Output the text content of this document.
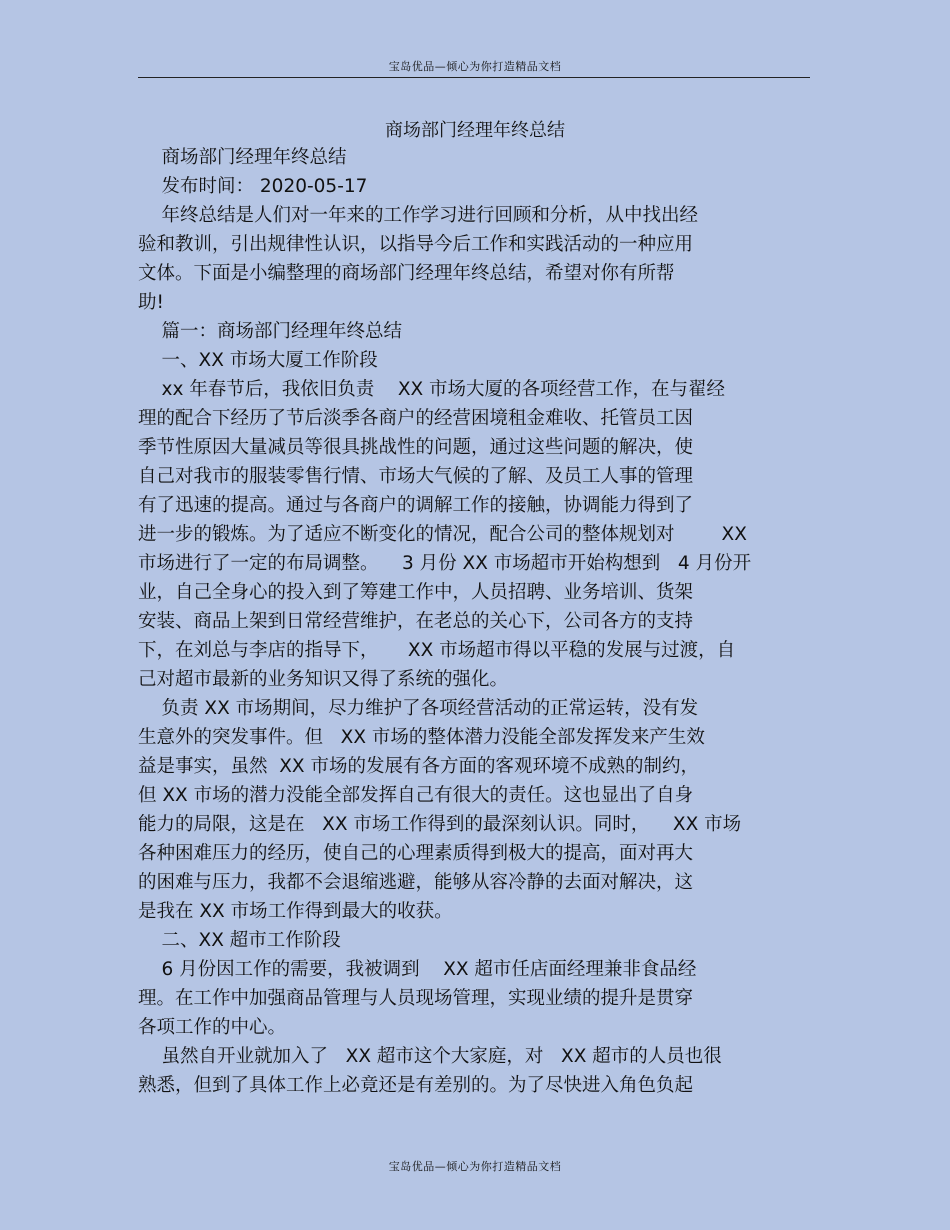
宝岛优品—倾心为你打造精品文档
商场部门经理年终总结
商场部门经理年终总结
发布时间： 2020-05-17
年终总结是人们对一年来的工作学习进行回顾和分析，从中找出经
验和教训，引出规律性认识，以指导今后工作和实践活动的一种应用
文体。下面是小编整理的商场部门经理年终总结，希望对你有所帮
助!
篇一：商场部门经理年终总结
一、XX 市场大厦工作阶段
xx 年春节后，我依旧负责    XX 市场大厦的各项经营工作，在与翟经
理的配合下经历了节后淡季各商户的经营困境租金难收、托管员工因
季节性原因大量减员等很具挑战性的问题，通过这些问题的解决，使
自己对我市的服装零售行情、市场大气候的了解、及员工人事的管理
有了迅速的提高。通过与各商户的调解工作的接触，协调能力得到了
进一步的锻炼。为了适应不断变化的情况，配合公司的整体规划对        XX
市场进行了一定的布局调整。    3 月份 XX 市场超市开始构想到   4 月份开
业，自己全身心的投入到了筹建工作中，人员招聘、业务培训、货架
安装、商品上架到日常经营维护，在老总的关心下，公司各方的支持
下，在刘总与李店的指导下，     XX 市场超市得以平稳的发展与过渡，自
己对超市最新的业务知识又得了系统的强化。
负责 XX 市场期间，尽力维护了各项经营活动的正常运转，没有发
生意外的突发事件。但   XX 市场的整体潜力没能全部发挥发来产生效
益是事实，虽然  XX 市场的发展有各方面的客观环境不成熟的制约，
但 XX 市场的潜力没能全部发挥自己有很大的责任。这也显出了自身
能力的局限，这是在   XX 市场工作得到的最深刻认识。同时，    XX 市场
各种困难压力的经历，使自己的心理素质得到极大的提高，面对再大
的困难与压力，我都不会退缩逃避，能够从容冷静的去面对解决，这
是我在 XX 市场工作得到最大的收获。
二、XX 超市工作阶段
6 月份因工作的需要，我被调到    XX 超市任店面经理兼非食品经
理。在工作中加强商品管理与人员现场管理，实现业绩的提升是贯穿
各项工作的中心。
虽然自开业就加入了   XX 超市这个大家庭，对   XX 超市的人员也很
熟悉，但到了具体工作上必竟还是有差别的。为了尽快进入角色负起
宝岛优品—倾心为你打造精品文档
